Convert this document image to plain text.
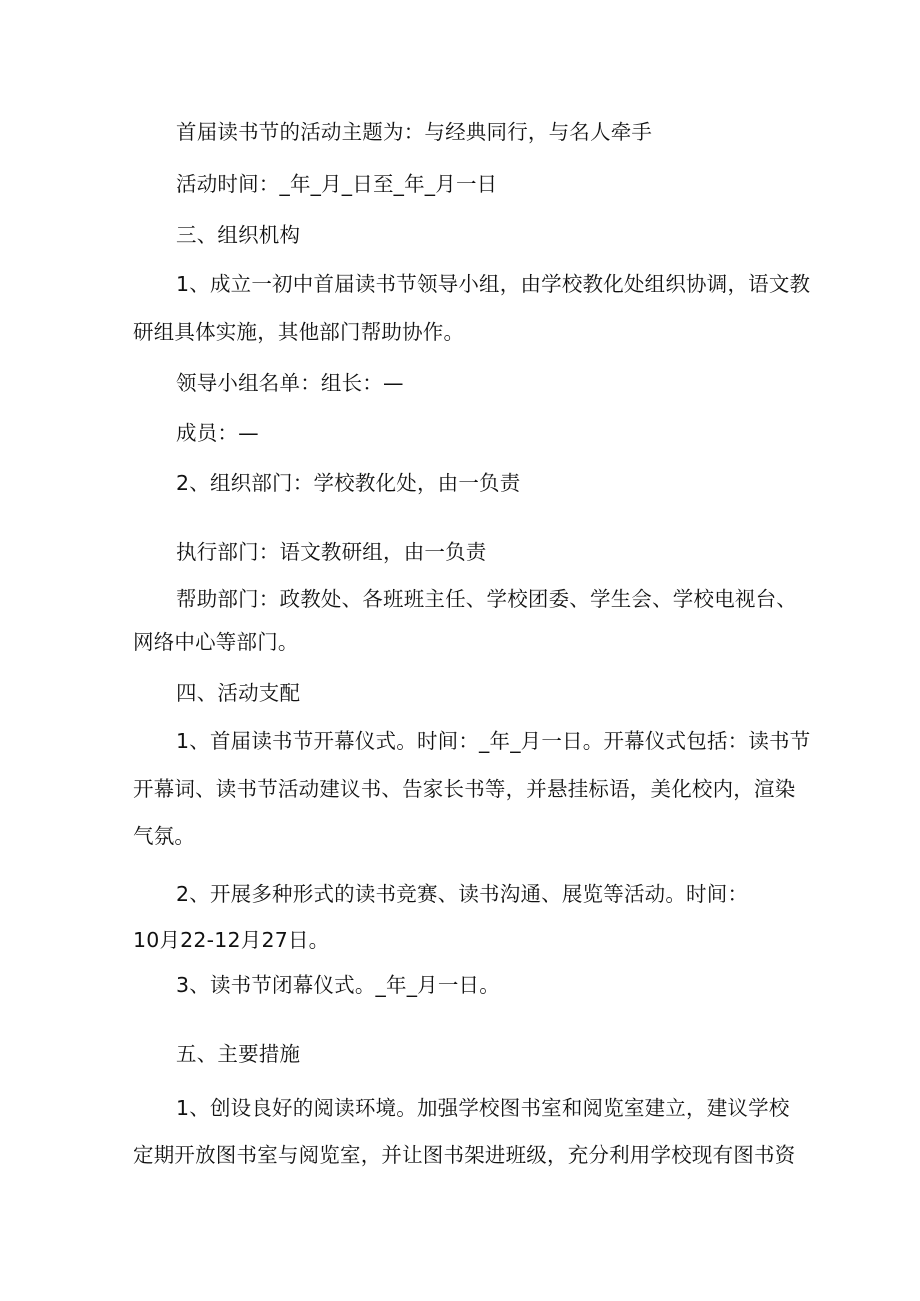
首届读书节的活动主题为：与经典同行，与名人牵手
活动时间：_年_月_日至_年_月一日
三、组织机构
1、成立一初中首届读书节领导小组，由学校教化处组织协调，语文教
研组具体实施，其他部门帮助协作。
领导小组名单：组长：—
成员：—
2、组织部门：学校教化处，由一负责
执行部门：语文教研组，由一负责
帮助部门：政教处、各班班主任、学校团委、学生会、学校电视台、
网络中心等部门。
四、活动支配
1、首届读书节开幕仪式。时间：_年_月一日。开幕仪式包括：读书节
开幕词、读书节活动建议书、告家长书等，并悬挂标语，美化校内，渲染
气氛。
2、开展多种形式的读书竞赛、读书沟通、展览等活动。时间：
10月22-12月27日。
3、读书节闭幕仪式。_年_月一日。
五、主要措施
1、创设良好的阅读环境。加强学校图书室和阅览室建立，建议学校
定期开放图书室与阅览室，并让图书架进班级，充分利用学校现有图书资
